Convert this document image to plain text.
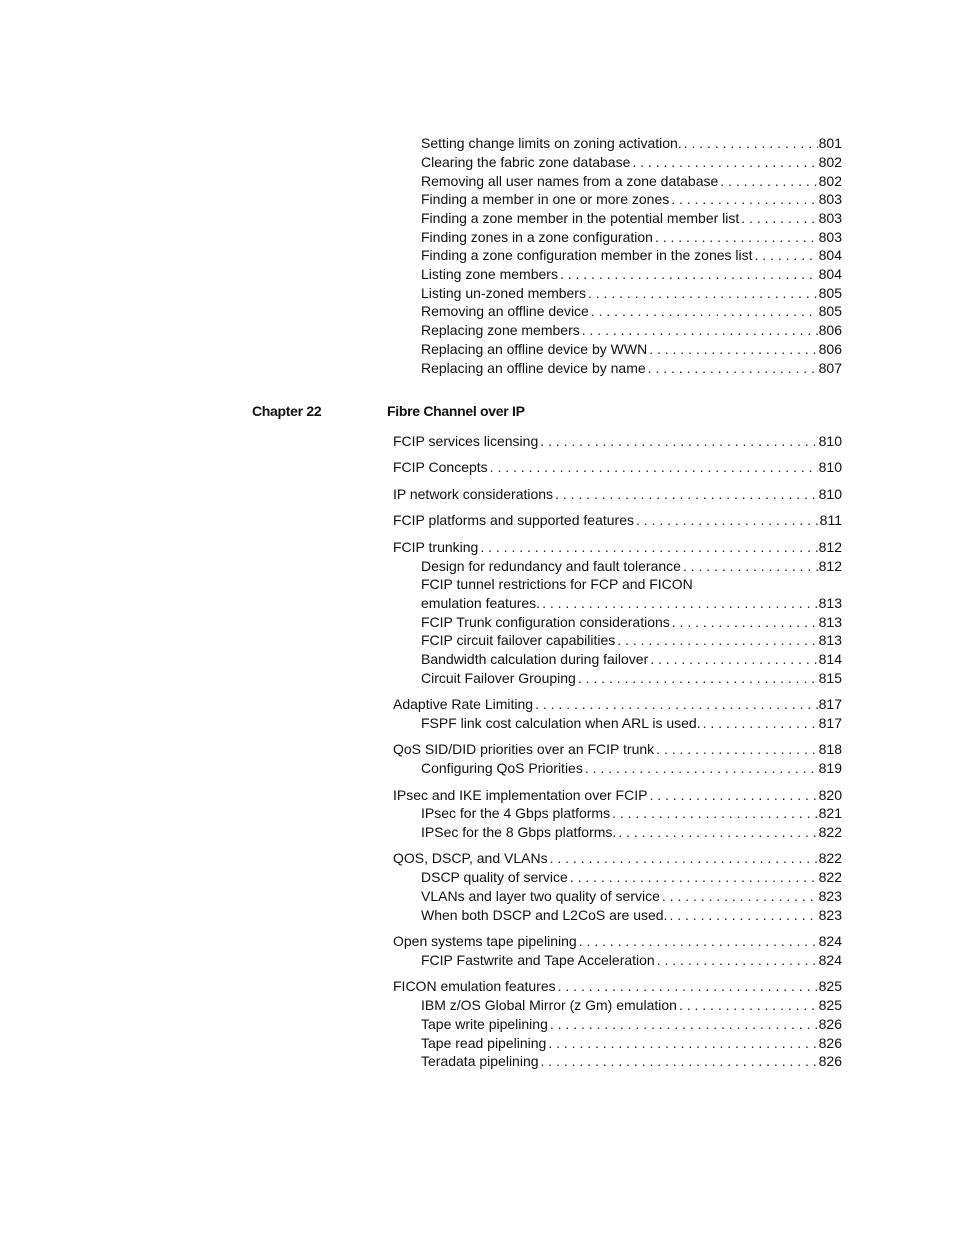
Setting change limits on zoning activation. . . .	801
Clearing the fabric zone database . . .	802
Removing all user names from a zone database . . .	802
Finding a member in one or more zones . . .	803
Finding a zone member in the potential member list . . .	803
Finding zones in a zone configuration . . .	803
Finding a zone configuration member in the zones list . . .	804
Listing zone members . . .	804
Listing un-zoned members . . .	805
Removing an offline device . . .	805
Replacing zone members . . .	806
Replacing an offline device by WWN . . .	806
Replacing an offline device by name . . .	807
Chapter 22	Fibre Channel over IP
FCIP services licensing . . .	810
FCIP Concepts . . .	810
IP network considerations . . .	810
FCIP platforms and supported features . . .	811
FCIP trunking . . .	812
Design for redundancy and fault tolerance . . .	812
FCIP tunnel restrictions for FCP and FICON
emulation features. . . .	813
FCIP Trunk configuration considerations . . .	813
FCIP circuit failover capabilities . . .	813
Bandwidth calculation during failover . . .	814
Circuit Failover Grouping . . .	815
Adaptive Rate Limiting . . .	817
FSPF link cost calculation when ARL is used. . . .	817
QoS SID/DID priorities over an FCIP trunk . . .	818
Configuring QoS Priorities . . .	819
IPsec and IKE implementation over FCIP . . .	820
IPsec for the 4 Gbps platforms . . .	821
IPSec for the 8 Gbps platforms. . . .	822
QOS, DSCP, and VLANs . . .	822
DSCP quality of service . . .	822
VLANs and layer two quality of service . . .	823
When both DSCP and L2CoS are used. . . .	823
Open systems tape pipelining . . .	824
FCIP Fastwrite and Tape Acceleration . . .	824
FICON emulation features . . .	825
IBM z/OS Global Mirror (z Gm) emulation . . .	825
Tape write pipelining . . .	826
Tape read pipelining . . .	826
Teradata pipelining . . .	826
